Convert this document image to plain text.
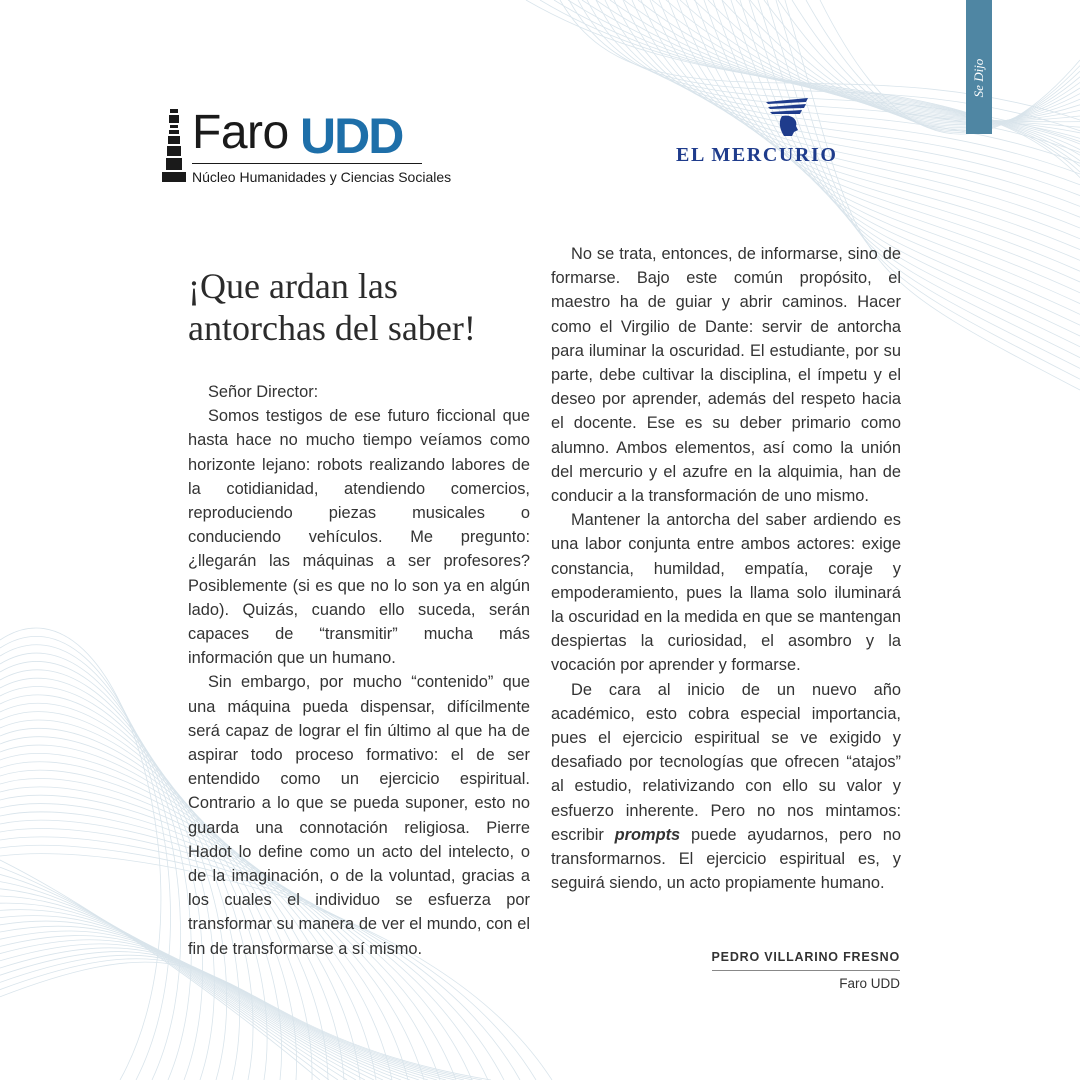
Se Dijo
Faro UDD
Núcleo Humanidades y Ciencias Sociales
EL MERCURIO
¡Que ardan las antorchas del saber!

Señor Director:

Somos testigos de ese futuro ficcional que hasta hace no mucho tiempo veíamos como horizonte lejano: robots realizando labores de la cotidianidad, atendiendo comercios, reproduciendo piezas musicales o conduciendo vehículos. Me pregunto: ¿llegarán las máquinas a ser profesores? Posiblemente (si es que no lo son ya en algún lado). Quizás, cuando ello suceda, serán capaces de “transmitir” mucha más información que un humano.

Sin embargo, por mucho “contenido” que una máquina pueda dispensar, difícilmente será capaz de lograr el fin último al que ha de aspirar todo proceso formativo: el de ser entendido como un ejercicio espiritual. Contrario a lo que se pueda suponer, esto no guarda una connotación religiosa. Pierre Hadot lo define como un acto del intelecto, o de la imaginación, o de la voluntad, gracias a los cuales el individuo se esfuerza por transformar su manera de ver el mundo, con el fin de transformarse a sí mismo.

No se trata, entonces, de informarse, sino de formarse. Bajo este común propósito, el maestro ha de guiar y abrir caminos. Hacer como el Virgilio de Dante: servir de antorcha para iluminar la oscuridad. El estudiante, por su parte, debe cultivar la disciplina, el ímpetu y el deseo por aprender, además del respeto hacia el docente. Ese es su deber primario como alumno. Ambos elementos, así como la unión del mercurio y el azufre en la alquimia, han de conducir a la transformación de uno mismo.

Mantener la antorcha del saber ardiendo es una labor conjunta entre ambos actores: exige constancia, humildad, empatía, coraje y empoderamiento, pues la llama solo iluminará la oscuridad en la medida en que se mantengan despiertas la curiosidad, el asombro y la vocación por aprender y formarse.

De cara al inicio de un nuevo año académico, esto cobra especial importancia, pues el ejercicio espiritual se ve exigido y desafiado por tecnologías que ofrecen “atajos” al estudio, relativizando con ello su valor y esfuerzo inherente. Pero no nos mintamos: escribir prompts puede ayudarnos, pero no transformarnos. El ejercicio espiritual es, y seguirá siendo, un acto propiamente humano.

PEDRO VILLARINO FRESNO
Faro UDD
